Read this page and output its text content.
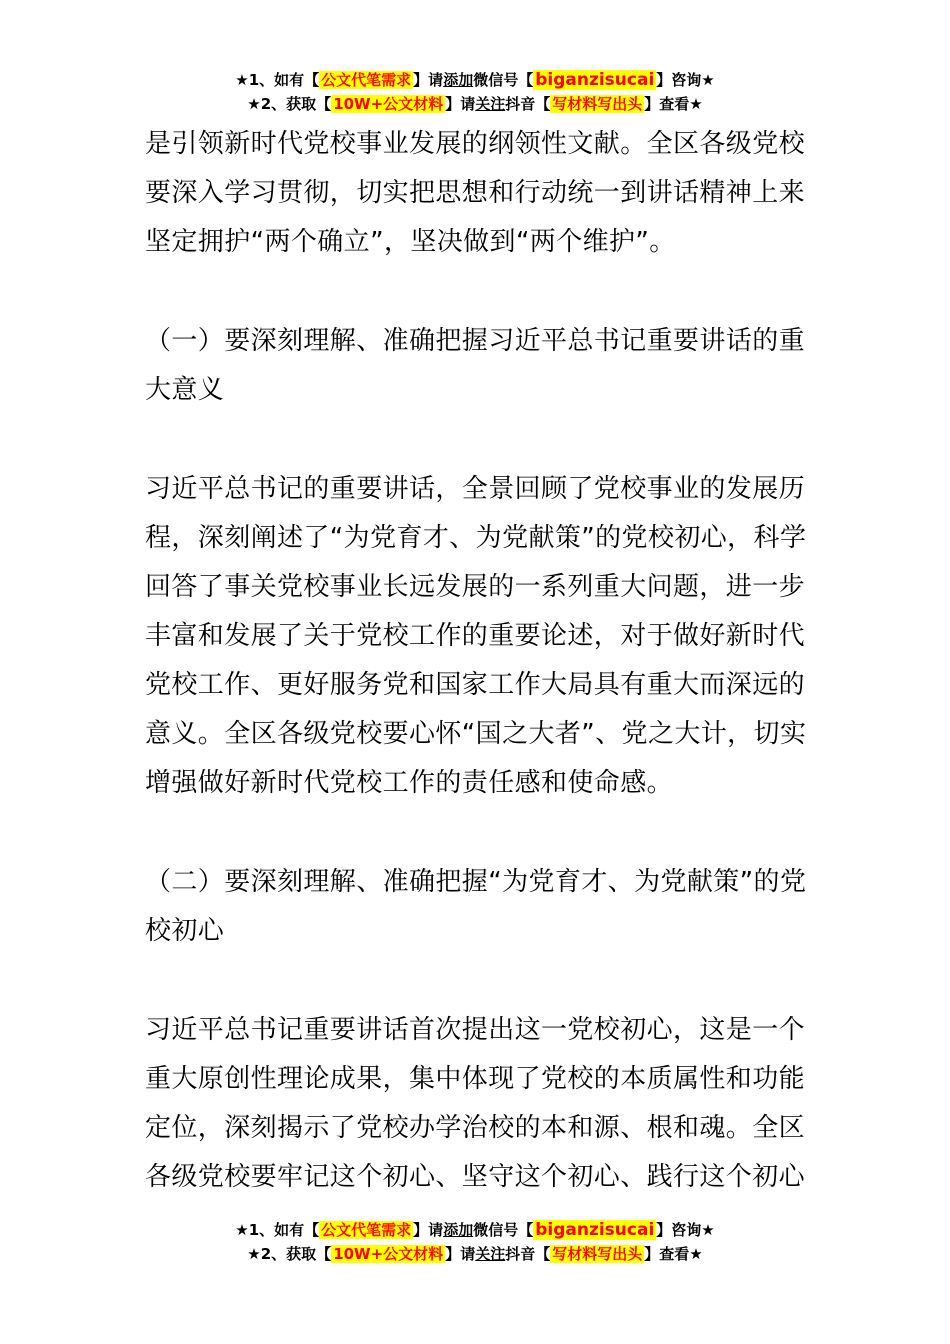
★1、如有【 公文代笔需求 】请添加微信号【 biganzisucai 】咨询★
★2、获取【 10W+公文材料 】请关注抖音【 写材料写出头 】查看★

是引领新时代党校事业发展的纲领性文献。全区各级党校要深入学习贯彻，切实把思想和行动统一到讲话精神上来坚定拥护“两个确立”，坚决做到“两个维护”。

（一）要深刻理解、准确把握习近平总书记重要讲话的重大意义

习近平总书记的重要讲话，全景回顾了党校事业的发展历程，深刻阐述了“为党育才、为党献策”的党校初心，科学回答了事关党校事业长远发展的一系列重大问题，进一步丰富和发展了关于党校工作的重要论述，对于做好新时代党校工作、更好服务党和国家工作大局具有重大而深远的意义。全区各级党校要心怀“国之大者”、党之大计，切实增强做好新时代党校工作的责任感和使命感。

（二）要深刻理解、准确把握“为党育才、为党献策”的党校初心

习近平总书记重要讲话首次提出这一党校初心，这是一个重大原创性理论成果，集中体现了党校的本质属性和功能定位，深刻揭示了党校办学治校的本和源、根和魂。全区各级党校要牢记这个初心、坚守这个初心、践行这个初心

★1、如有【 公文代笔需求 】请添加微信号【 biganzisucai 】咨询★
★2、获取【 10W+公文材料 】请关注抖音【 写材料写出头 】查看★
